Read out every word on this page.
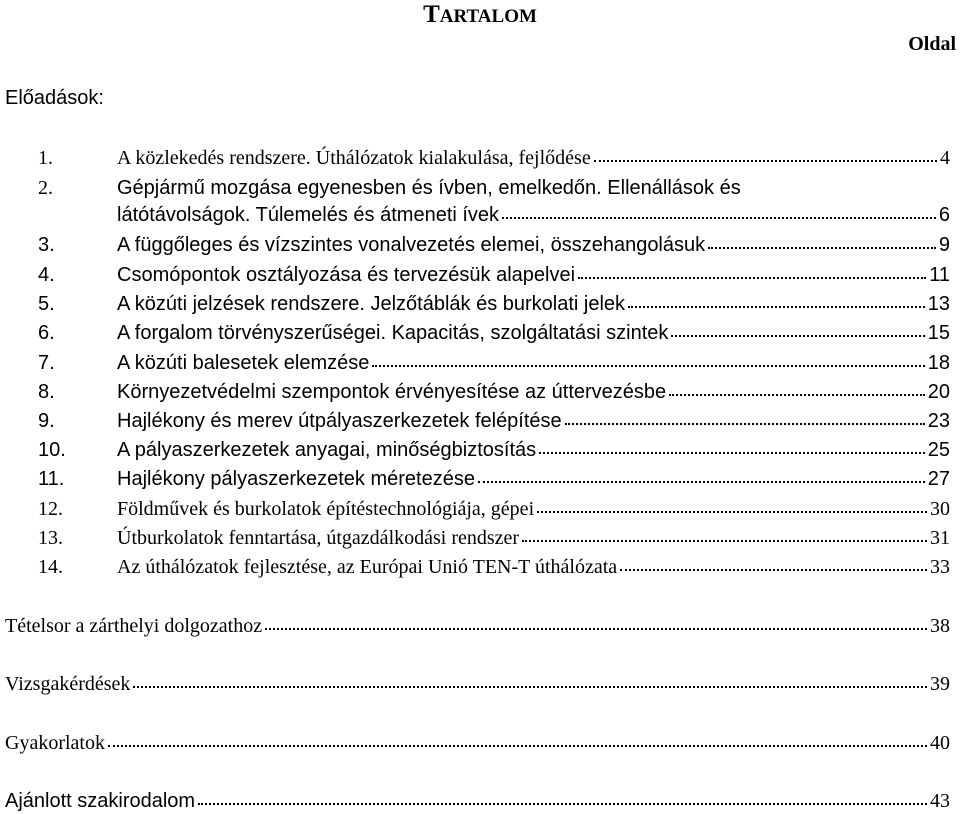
TARTALOM
Oldal
Előadások:
1.	A közlekedés rendszere. Úthálózatok kialakulása, fejlődése	4
2.	Gépjármű mozgása egyenesben és ívben, emelkedőn. Ellenállások és
látótávolságok. Túlemelés és átmeneti ívek	6
3.	A függőleges és vízszintes vonalvezetés elemei, összehangolásuk	9
4.	Csomópontok osztályozása és tervezésük alapelvei	11
5.	A közúti jelzések rendszere. Jelzőtáblák és burkolati jelek	13
6.	A forgalom törvényszerűségei. Kapacitás, szolgáltatási szintek	15
7.	A közúti balesetek elemzése	18
8.	Környezetvédelmi szempontok érvényesítése az úttervezésbe	20
9.	Hajlékony és merev útpályaszerkezetek felépítése	23
10.	A pályaszerkezetek anyagai, minőségbiztosítás	25
11.	Hajlékony pályaszerkezetek méretezése	27
12.	Földművek és burkolatok építéstechnológiája, gépei	30
13.	Útburkolatok fenntartása, útgazdálkodási rendszer	31
14.	Az úthálózatok fejlesztése, az Európai Unió TEN-T úthálózata	33
Tételsor a zárthelyi dolgozathoz	38
Vizsgakérdések	39
Gyakorlatok	40
Ajánlott szakirodalom	43
